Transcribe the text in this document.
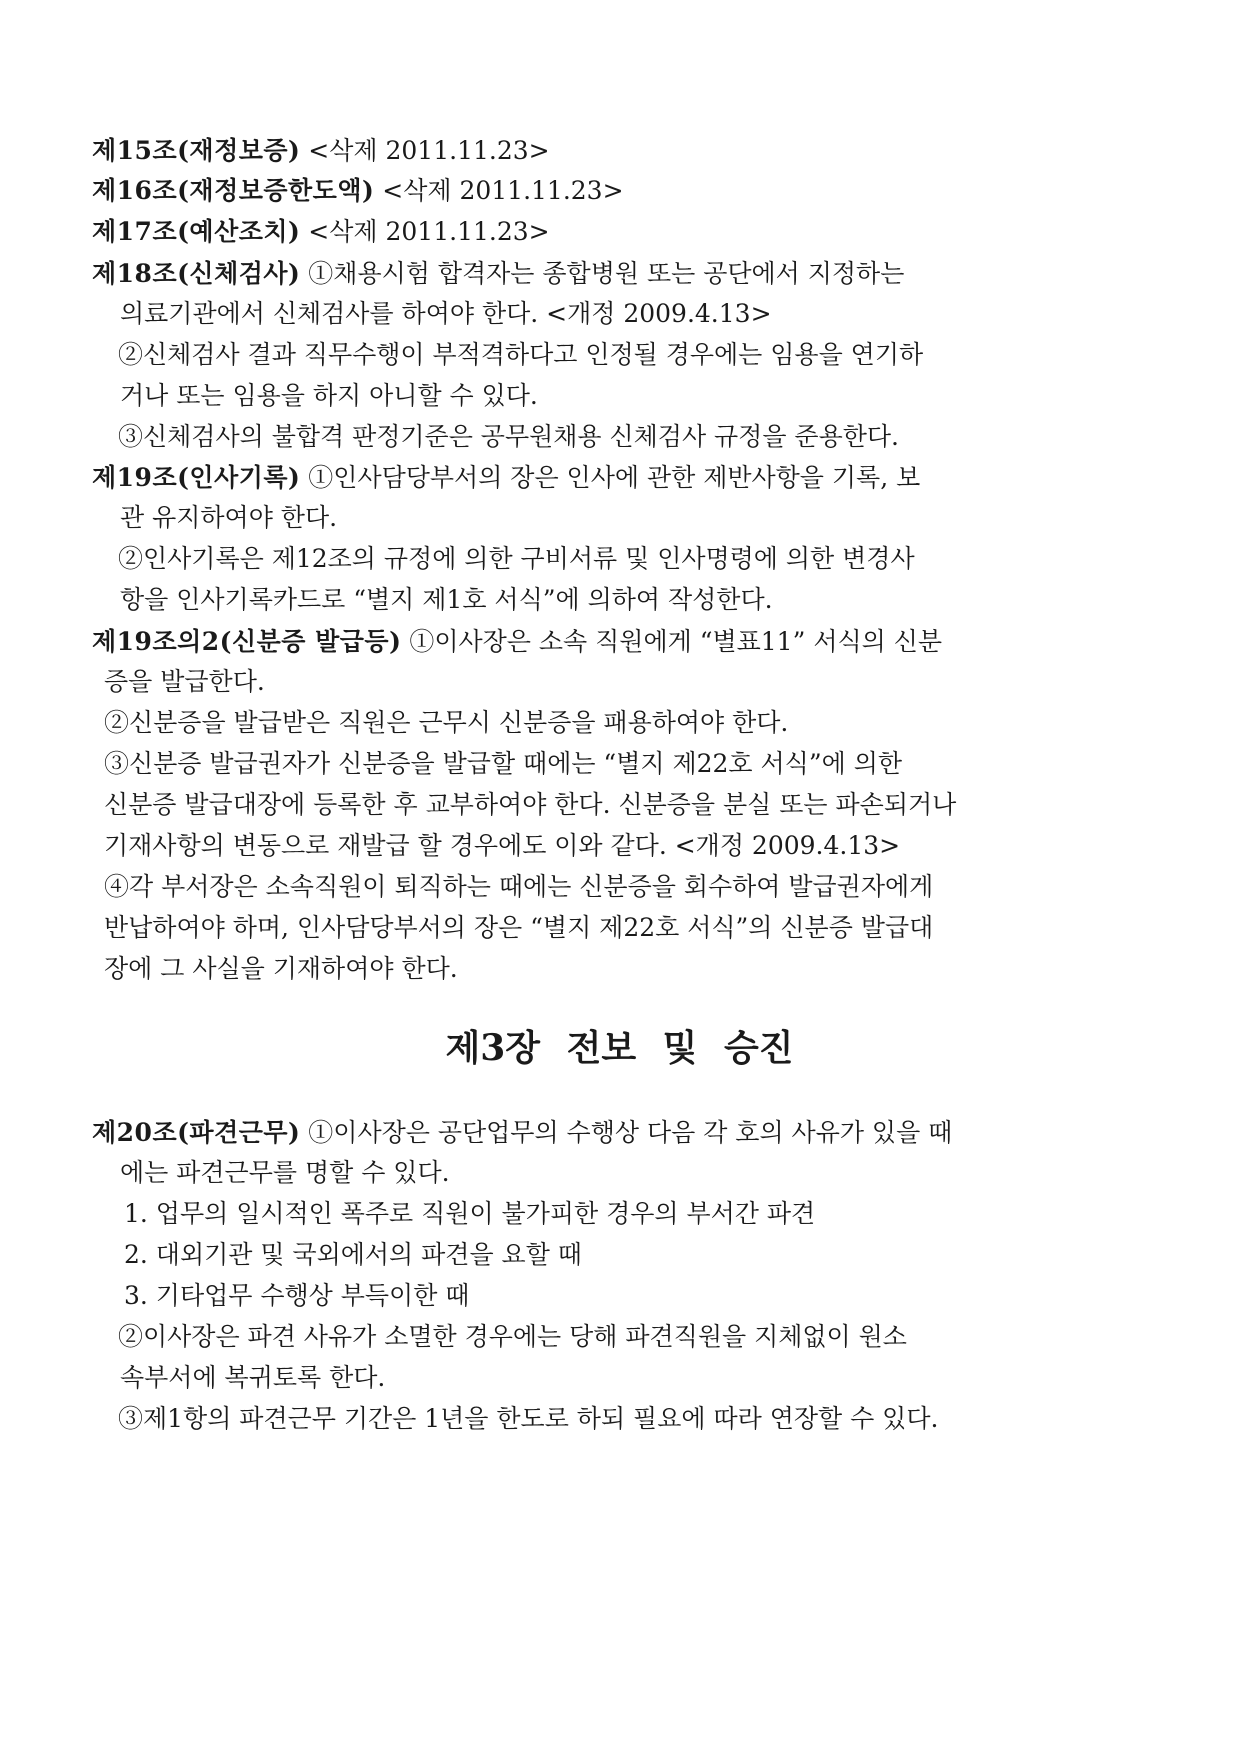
제15조(재정보증) <삭제 2011.11.23>
제16조(재정보증한도액) <삭제 2011.11.23>
제17조(예산조치) <삭제 2011.11.23>
제18조(신체검사) ①채용시험 합격자는 종합병원 또는 공단에서 지정하는
의료기관에서 신체검사를 하여야 한다. <개정 2009.4.13>
②신체검사 결과 직무수행이 부적격하다고 인정될 경우에는 임용을 연기하
거나 또는 임용을 하지 아니할 수 있다.
③신체검사의 불합격 판정기준은 공무원채용 신체검사 규정을 준용한다.
제19조(인사기록) ①인사담당부서의 장은 인사에 관한 제반사항을 기록, 보
관 유지하여야 한다.
②인사기록은 제12조의 규정에 의한 구비서류 및 인사명령에 의한 변경사
항을 인사기록카드로 “별지 제1호 서식”에 의하여 작성한다.
제19조의2(신분증 발급등) ①이사장은 소속 직원에게 “별표11” 서식의 신분
증을 발급한다.
②신분증을 발급받은 직원은 근무시 신분증을 패용하여야 한다.
③신분증 발급권자가 신분증을 발급할 때에는 “별지 제22호 서식”에 의한
신분증 발급대장에 등록한 후 교부하여야 한다. 신분증을 분실 또는 파손되거나
기재사항의 변동으로 재발급 할 경우에도 이와 같다. <개정 2009.4.13>
④각 부서장은 소속직원이 퇴직하는 때에는 신분증을 회수하여 발급권자에게
반납하여야 하며, 인사담당부서의 장은 “별지 제22호 서식”의 신분증 발급대
장에 그 사실을 기재하여야 한다.
제3장 전보 및 승진
제20조(파견근무) ①이사장은 공단업무의 수행상 다음 각 호의 사유가 있을 때
에는 파견근무를 명할 수 있다.
1. 업무의 일시적인 폭주로 직원이 불가피한 경우의 부서간 파견
2. 대외기관 및 국외에서의 파견을 요할 때
3. 기타업무 수행상 부득이한 때
②이사장은 파견 사유가 소멸한 경우에는 당해 파견직원을 지체없이 원소
속부서에 복귀토록 한다.
③제1항의 파견근무 기간은 1년을 한도로 하되 필요에 따라 연장할 수 있다.
